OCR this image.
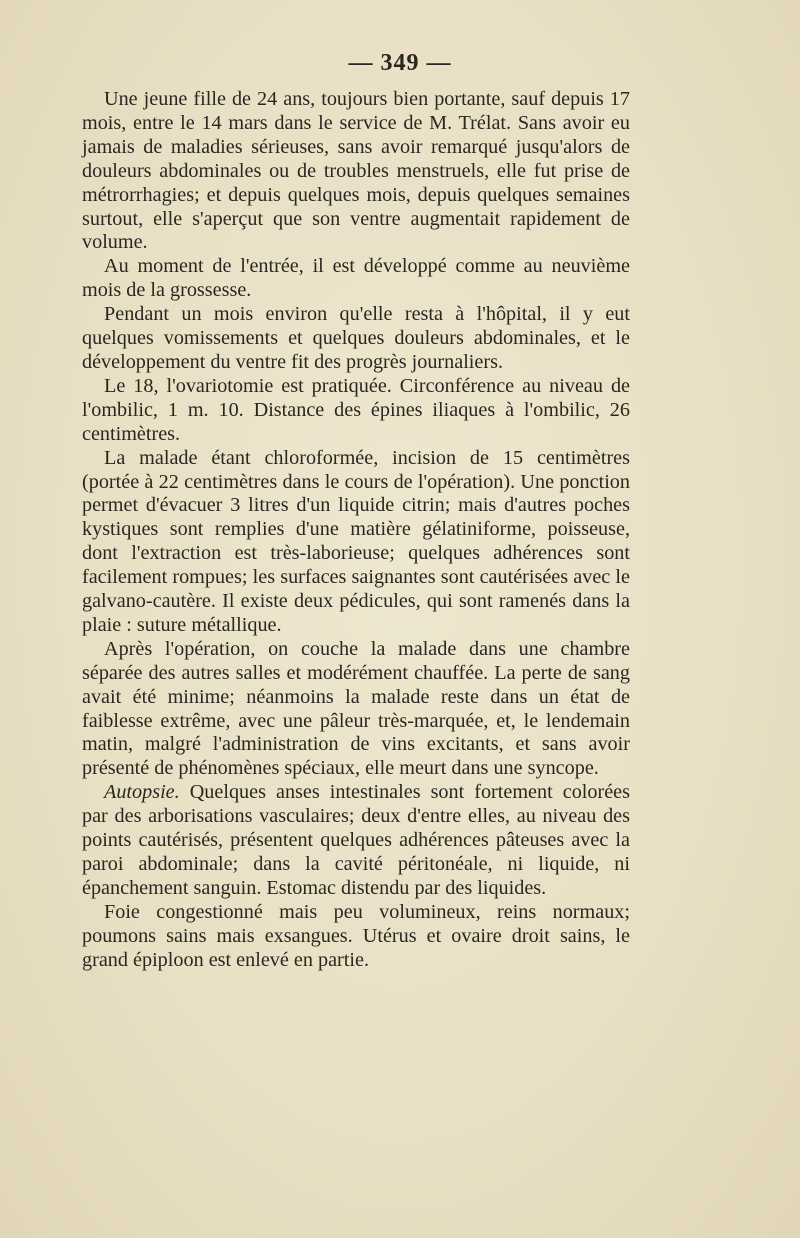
— 349 —

Une jeune fille de 24 ans, toujours bien portante, sauf depuis 17 mois, entre le 14 mars dans le service de M. Trélat. Sans avoir eu jamais de maladies sérieuses, sans avoir remarqué jusqu'alors de douleurs abdominales ou de troubles menstruels, elle fut prise de métrorrhagies; et depuis quelques mois, depuis quelques semaines surtout, elle s'aperçut que son ventre augmentait rapidement de volume.

Au moment de l'entrée, il est développé comme au neuvième mois de la grossesse.

Pendant un mois environ qu'elle resta à l'hôpital, il y eut quelques vomissements et quelques douleurs abdominales, et le développement du ventre fit des progrès journaliers.

Le 18, l'ovariotomie est pratiquée. Circonférence au niveau de l'ombilic, 1 m. 10. Distance des épines iliaques à l'ombilic, 26 centimètres.

La malade étant chloroformée, incision de 15 centimètres (portée à 22 centimètres dans le cours de l'opération). Une ponction permet d'évacuer 3 litres d'un liquide citrin; mais d'autres poches kystiques sont remplies d'une matière gélatiniforme, poisseuse, dont l'extraction est très-laborieuse; quelques adhérences sont facilement rompues; les surfaces saignantes sont cautérisées avec le galvano-cautère. Il existe deux pédicules, qui sont ramenés dans la plaie : suture métallique.

Après l'opération, on couche la malade dans une chambre séparée des autres salles et modérément chauffée. La perte de sang avait été minime; néanmoins la malade reste dans un état de faiblesse extrême, avec une pâleur très-marquée, et, le lendemain matin, malgré l'administration de vins excitants, et sans avoir présenté de phénomènes spéciaux, elle meurt dans une syncope.

Autopsie. Quelques anses intestinales sont fortement colorées par des arborisations vasculaires; deux d'entre elles, au niveau des points cautérisés, présentent quelques adhérences pâteuses avec la paroi abdominale; dans la cavité péritonéale, ni liquide, ni épanchement sanguin. Estomac distendu par des liquides.

Foie congestionné mais peu volumineux, reins normaux; poumons sains mais exsangues. Utérus et ovaire droit sains, le grand épiploon est enlevé en partie.
